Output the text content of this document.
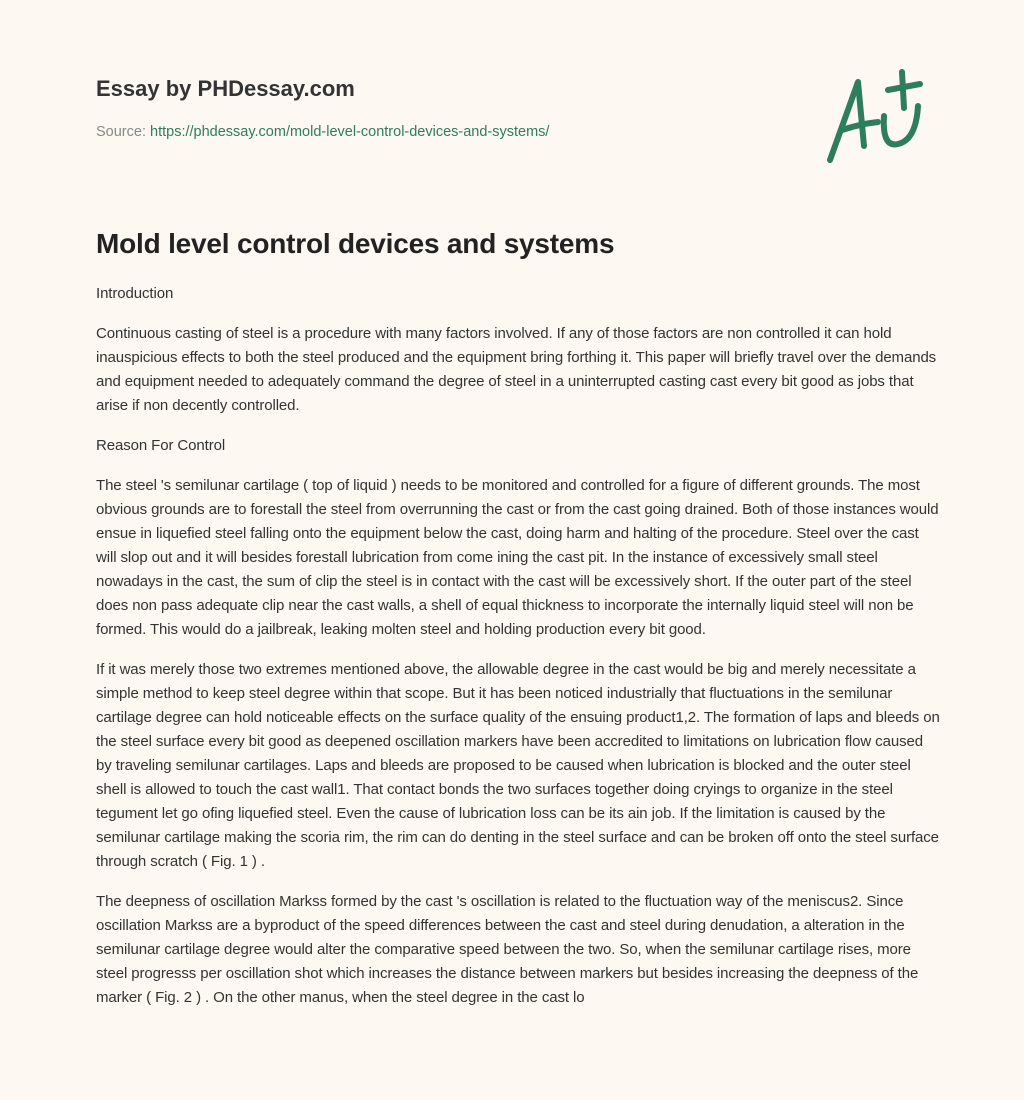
Essay by PHDessay.com
Source: https://phdessay.com/mold-level-control-devices-and-systems/
Mold level control devices and systems

Introduction

Continuous casting of steel is a procedure with many factors involved. If any of those factors are non controlled it can hold inauspicious effects to both the steel produced and the equipment bring forthing it. This paper will briefly travel over the demands and equipment needed to adequately command the degree of steel in a uninterrupted casting cast every bit good as jobs that arise if non decently controlled.

Reason For Control

The steel 's semilunar cartilage ( top of liquid ) needs to be monitored and controlled for a figure of different grounds. The most obvious grounds are to forestall the steel from overrunning the cast or from the cast going drained. Both of those instances would ensue in liquefied steel falling onto the equipment below the cast, doing harm and halting of the procedure. Steel over the cast will slop out and it will besides forestall lubrication from come ining the cast pit. In the instance of excessively small steel nowadays in the cast, the sum of clip the steel is in contact with the cast will be excessively short. If the outer part of the steel does non pass adequate clip near the cast walls, a shell of equal thickness to incorporate the internally liquid steel will non be formed. This would do a jailbreak, leaking molten steel and holding production every bit good.

If it was merely those two extremes mentioned above, the allowable degree in the cast would be big and merely necessitate a simple method to keep steel degree within that scope. But it has been noticed industrially that fluctuations in the semilunar cartilage degree can hold noticeable effects on the surface quality of the ensuing product1,2. The formation of laps and bleeds on the steel surface every bit good as deepened oscillation markers have been accredited to limitations on lubrication flow caused by traveling semilunar cartilages. Laps and bleeds are proposed to be caused when lubrication is blocked and the outer steel shell is allowed to touch the cast wall1. That contact bonds the two surfaces together doing cryings to organize in the steel tegument let go ofing liquefied steel. Even the cause of lubrication loss can be its ain job. If the limitation is caused by the semilunar cartilage making the scoria rim, the rim can do denting in the steel surface and can be broken off onto the steel surface through scratch ( Fig. 1 ) .

The deepness of oscillation Markss formed by the cast 's oscillation is related to the fluctuation way of the meniscus2. Since oscillation Markss are a byproduct of the speed differences between the cast and steel during denudation, a alteration in the semilunar cartilage degree would alter the comparative speed between the two. So, when the semilunar cartilage rises, more steel progresss per oscillation shot which increases the distance between markers but besides increasing the deepness of the marker ( Fig. 2 ) . On the other manus, when the steel degree in the cast lo
